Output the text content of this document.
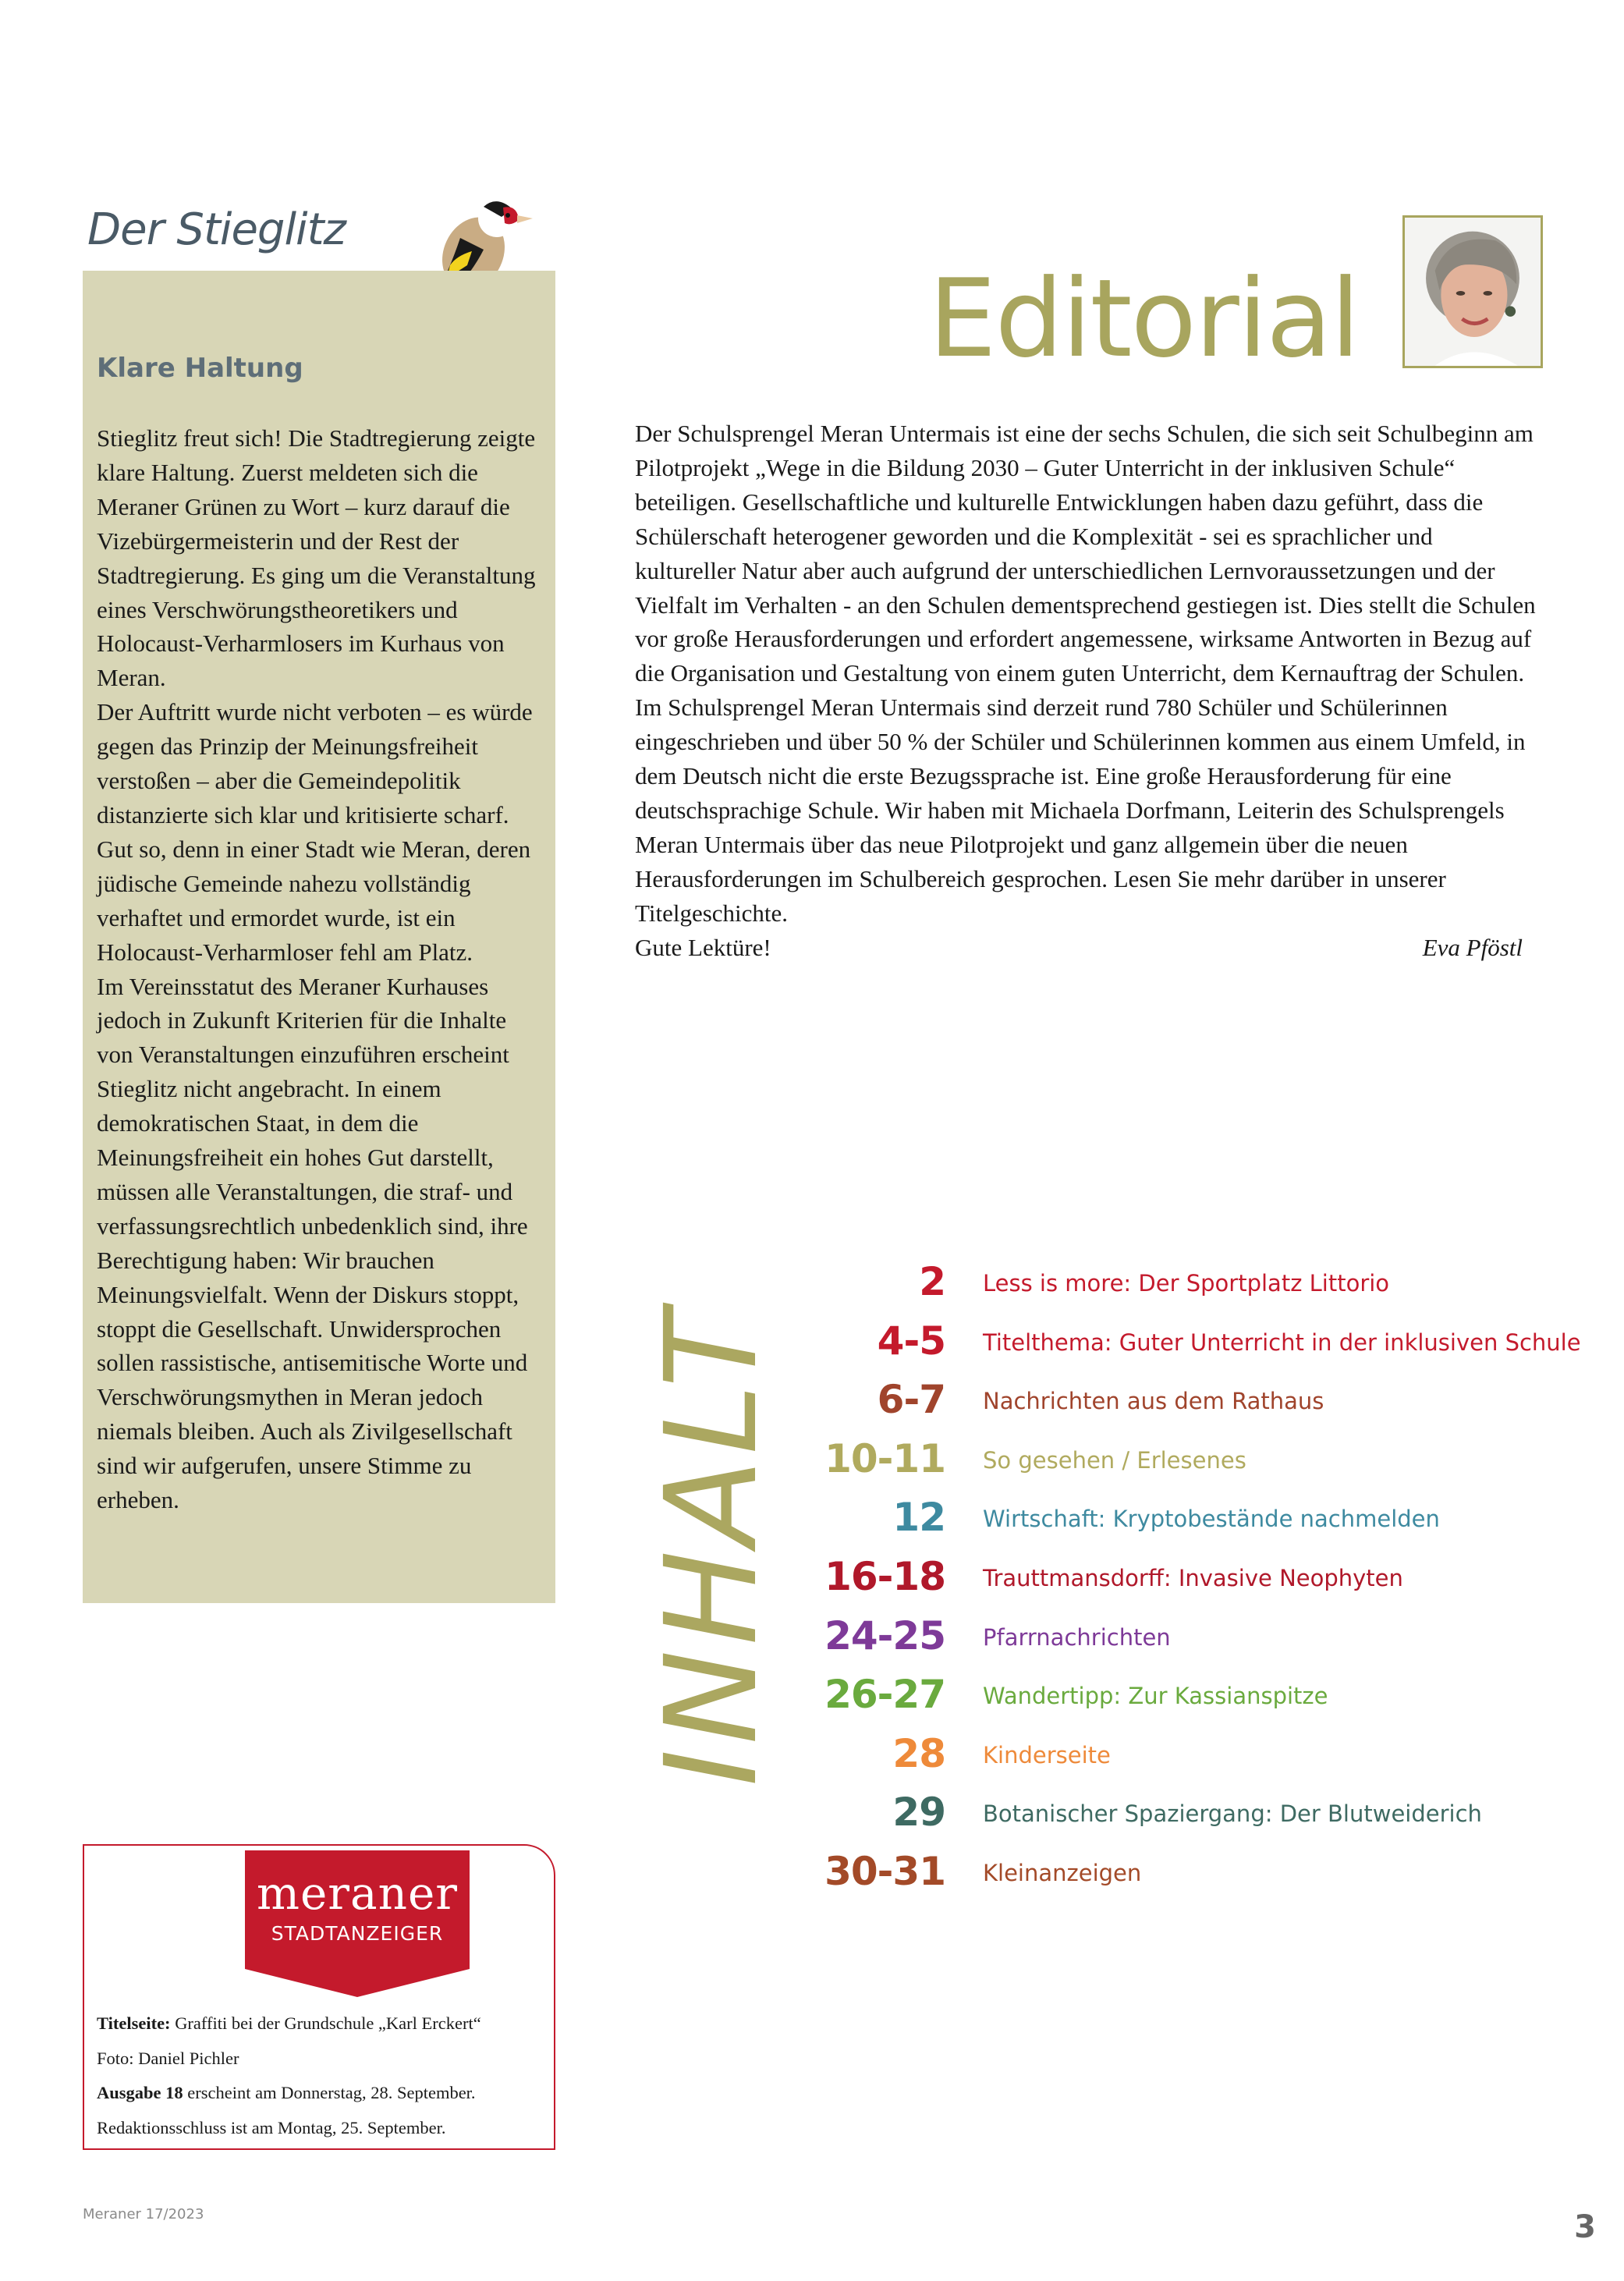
Der Stieglitz
Klare Haltung

Stieglitz freut sich! Die Stadtregierung zeigte klare Haltung. Zuerst meldeten sich die Meraner Grünen zu Wort – kurz darauf die Vizebürgermeisterin und der Rest der Stadtregierung. Es ging um die Veranstaltung eines Verschwörungstheoretikers und Holocaust-Verharmlosers im Kurhaus von Meran.

Der Auftritt wurde nicht verboten – es würde gegen das Prinzip der Meinungsfreiheit verstoßen – aber die Gemeindepolitik distanzierte sich klar und kritisierte scharf. Gut so, denn in einer Stadt wie Meran, deren jüdische Gemeinde nahezu vollständig verhaftet und ermordet wurde, ist ein Holocaust-Verharmloser fehl am Platz.

Im Vereinsstatut des Meraner Kurhauses jedoch in Zukunft Kriterien für die Inhalte von Veranstaltungen einzuführen erscheint Stieglitz nicht angebracht. In einem demokratischen Staat, in dem die Meinungsfreiheit ein hohes Gut darstellt, müssen alle Veranstaltungen, die straf- und verfassungsrechtlich unbedenklich sind, ihre Berechtigung haben: Wir brauchen Meinungsvielfalt. Wenn der Diskurs stoppt, stoppt die Gesellschaft. Unwidersprochen sollen rassistische, antisemitische Worte und Verschwörungsmythen in Meran jedoch niemals bleiben. Auch als Zivilgesellschaft sind wir aufgerufen, unsere Stimme zu erheben.

Editorial

Der Schulsprengel Meran Untermais ist eine der sechs Schulen, die sich seit Schulbeginn am Pilotprojekt „Wege in die Bildung 2030 – Guter Unterricht in der inklusiven Schule“ beteiligen. Gesellschaftliche und kulturelle Entwicklungen haben dazu geführt, dass die Schülerschaft heterogener geworden und die Komplexität - sei es sprachlicher und kultureller Natur aber auch aufgrund der unterschiedlichen Lernvoraussetzungen und der Vielfalt im Verhalten - an den Schulen dementsprechend gestiegen ist. Dies stellt die Schulen vor große Herausforderungen und erfordert angemessene, wirksame Antworten in Bezug auf die Organisation und Gestaltung von einem guten Unterricht, dem Kernauftrag der Schulen.

Im Schulsprengel Meran Untermais sind derzeit rund 780 Schüler und Schülerinnen eingeschrieben und über 50 % der Schüler und Schülerinnen kommen aus einem Umfeld, in dem Deutsch nicht die erste Bezugssprache ist. Eine große Herausforderung für eine deutschsprachige Schule. Wir haben mit Michaela Dorfmann, Leiterin des Schulsprengels Meran Untermais über das neue Pilotprojekt und ganz allgemein über die neuen Herausforderungen im Schulbereich gesprochen. Lesen Sie mehr darüber in unserer Titelgeschichte.

Gute Lektüre!	Eva Pföstl
INHALT
2 Less is more: Der Sportplatz Littorio
4-5 Titelthema: Guter Unterricht in der inklusiven Schule
6-7 Nachrichten aus dem Rathaus
10-11 So gesehen / Erlesenes
12 Wirtschaft: Kryptobestände nachmelden
16-18 Trauttmansdorff: Invasive Neophyten
24-25 Pfarrnachrichten
26-27 Wandertipp: Zur Kassianspitze
28 Kinderseite
29 Botanischer Spaziergang: Der Blutweiderich
30-31 Kleinanzeigen
meraner
STADTANZEIGER

Titelseite: Graffiti bei der Grundschule „Karl Erckert“

Foto: Daniel Pichler

Ausgabe 18 erscheint am Donnerstag, 28. September.

Redaktionsschluss ist am Montag, 25. September.

Meraner 17/2023	3
